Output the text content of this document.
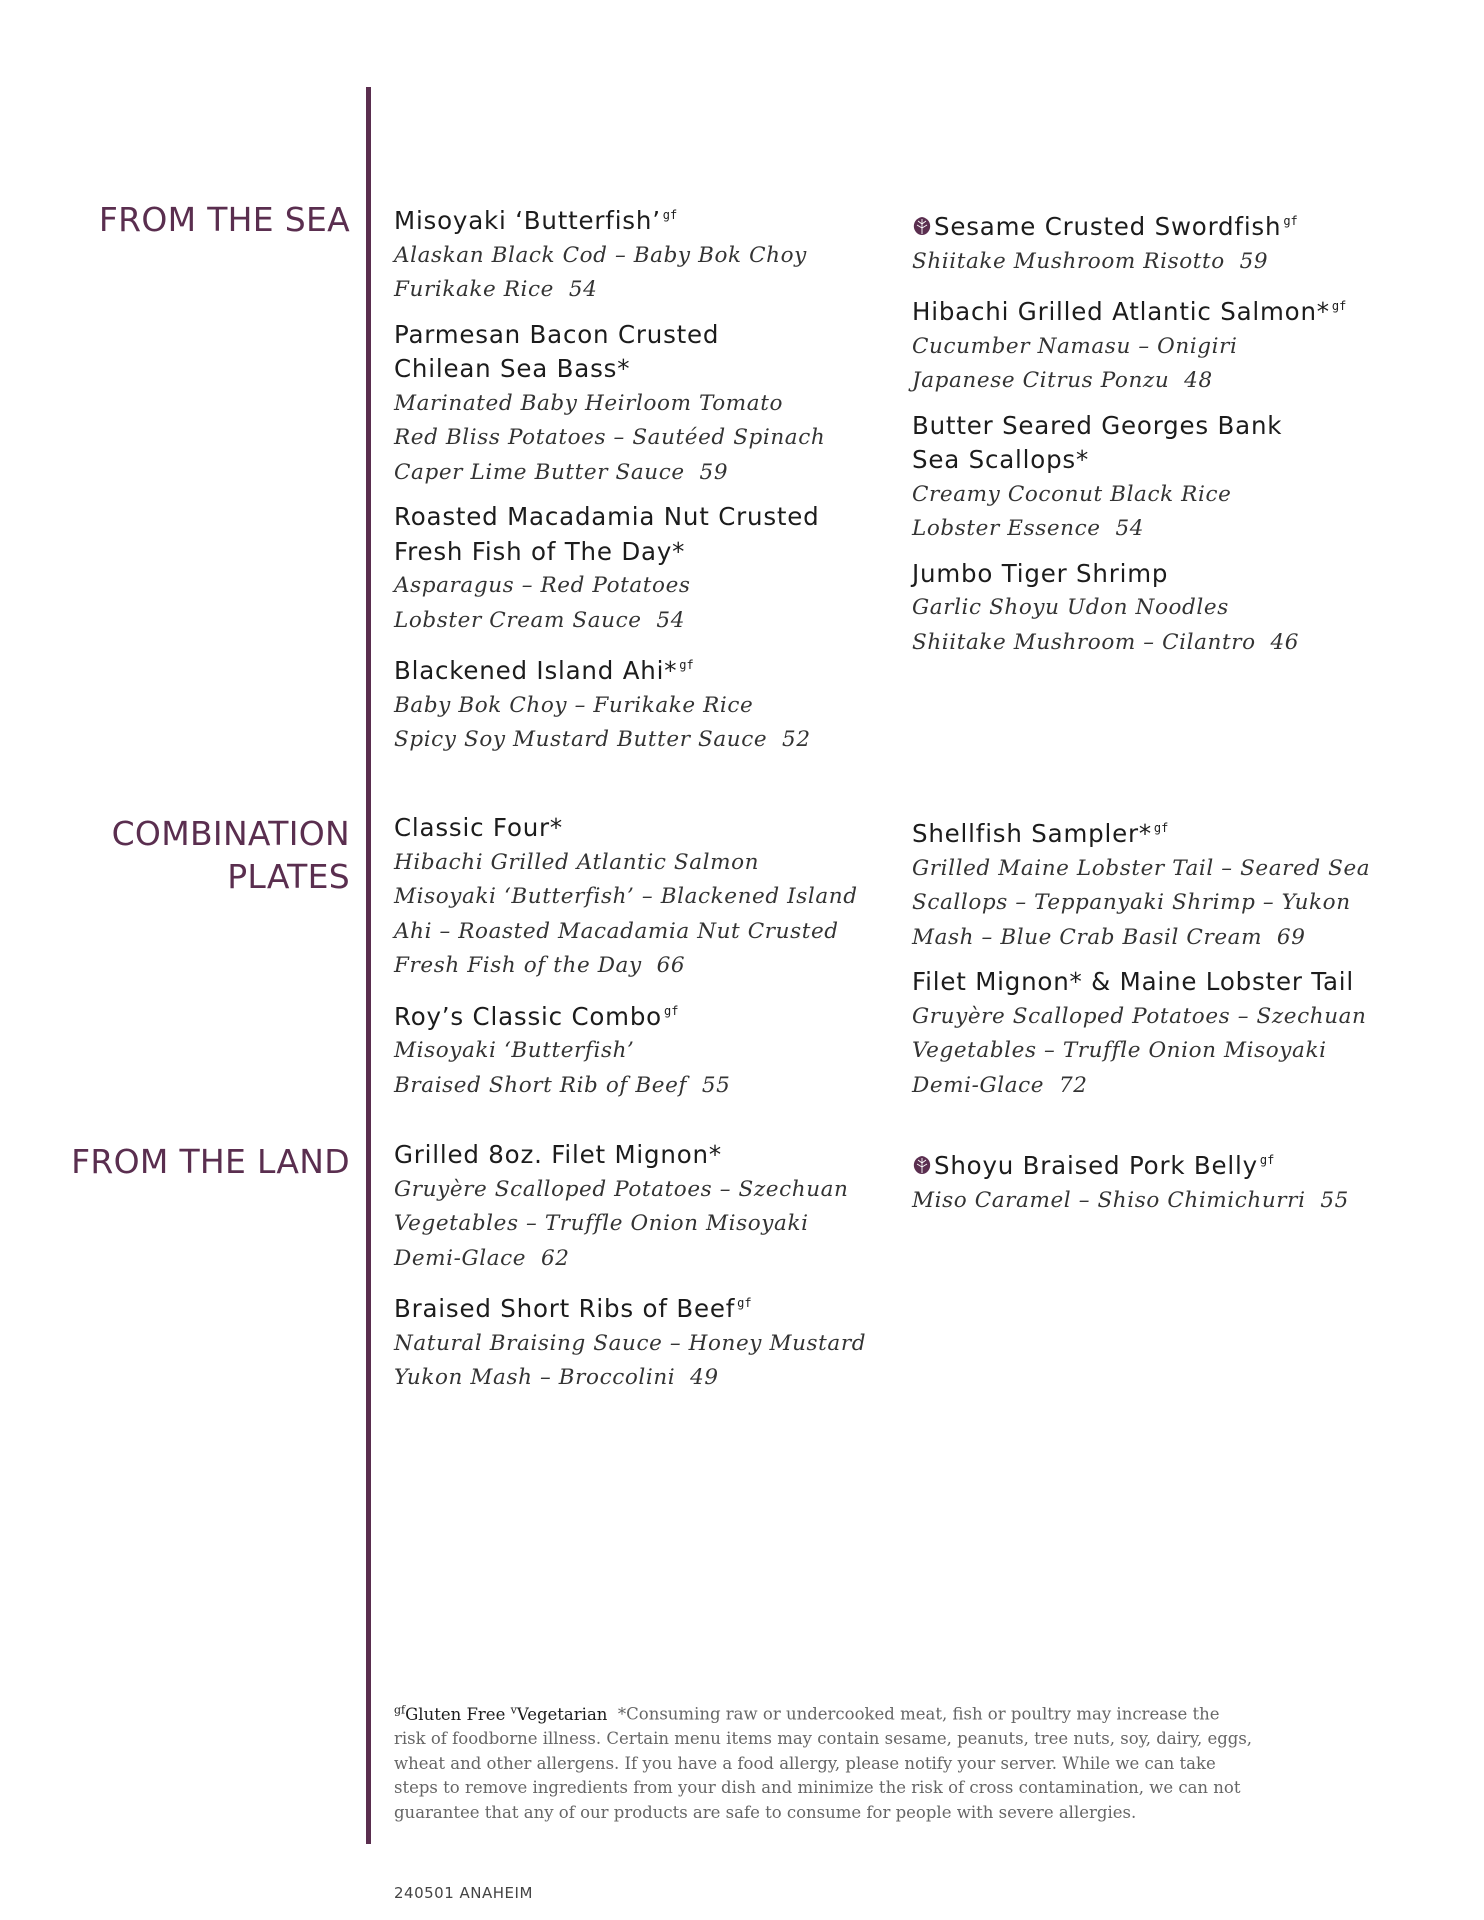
FROM THE SEA
COMBINATION
PLATES
FROM THE LAND
Misoyaki ‘Butterfish’ $^{gf}$
Alaskan Black Cod – Baby Bok Choy
Furikake Rice  54
Parmesan Bacon Crusted
Chilean Sea Bass*
Marinated Baby Heirloom Tomato
Red Bliss Potatoes – Sautéed Spinach
Caper Lime Butter Sauce  59
Roasted Macadamia Nut Crusted
Fresh Fish of The Day*
Asparagus – Red Potatoes
Lobster Cream Sauce  54
Blackened Island Ahi* $^{gf}$
Baby Bok Choy – Furikake Rice
Spicy Soy Mustard Butter Sauce  52
Sesame Crusted Swordfish $^{gf}$
Shiitake Mushroom Risotto  59
Hibachi Grilled Atlantic Salmon* $^{gf}$
Cucumber Namasu – Onigiri
Japanese Citrus Ponzu  48
Butter Seared Georges Bank
Sea Scallops*
Creamy Coconut Black Rice
Lobster Essence  54
Jumbo Tiger Shrimp
Garlic Shoyu Udon Noodles
Shiitake Mushroom – Cilantro  46
Classic Four*
Hibachi Grilled Atlantic Salmon
Misoyaki ‘Butterfish’ – Blackened Island
Ahi – Roasted Macadamia Nut Crusted
Fresh Fish of the Day  66
Roy’s Classic Combo $^{gf}$
Misoyaki ‘Butterfish’
Braised Short Rib of Beef  55
Shellfish Sampler* $^{gf}$
Grilled Maine Lobster Tail – Seared Sea
Scallops – Teppanyaki Shrimp – Yukon
Mash – Blue Crab Basil Cream  69
Filet Mignon* & Maine Lobster Tail
Gruyère Scalloped Potatoes – Szechuan
Vegetables – Truffle Onion Misoyaki
Demi-Glace  72
Grilled 8oz. Filet Mignon*
Gruyère Scalloped Potatoes – Szechuan
Vegetables – Truffle Onion Misoyaki
Demi-Glace  62
Braised Short Ribs of Beef $^{gf}$
Natural Braising Sauce – Honey Mustard
Yukon Mash – Broccolini  49
Shoyu Braised Pork Belly $^{gf}$
Miso Caramel – Shiso Chimichurri  55
$^{gf}$Gluten Free $^v$Vegetarian *Consuming raw or undercooked meat, fish or poultry may increase the
risk of foodborne illness. Certain menu items may contain sesame, peanuts, tree nuts, soy, dairy, eggs,
wheat and other allergens. If you have a food allergy, please notify your server. While we can take
steps to remove ingredients from your dish and minimize the risk of cross contamination, we can not
guarantee that any of our products are safe to consume for people with severe allergies.
240501 ANAHEIM
